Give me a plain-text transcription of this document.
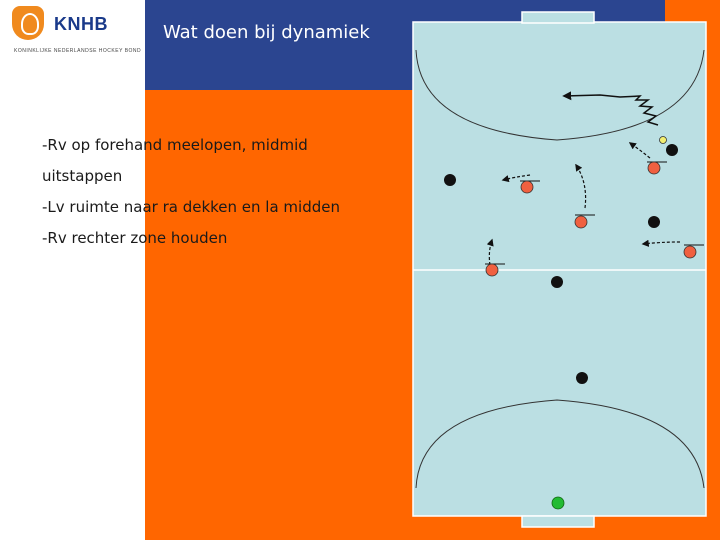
KNHB
KONINKLIJKE NEDERLANDSE HOCKEY BOND
Wat doen bij dynamiek

-Rv op forehand meelopen, midmid

uitstappen

-Lv ruimte naar ra dekken en la midden

-Rv rechter zone houden
